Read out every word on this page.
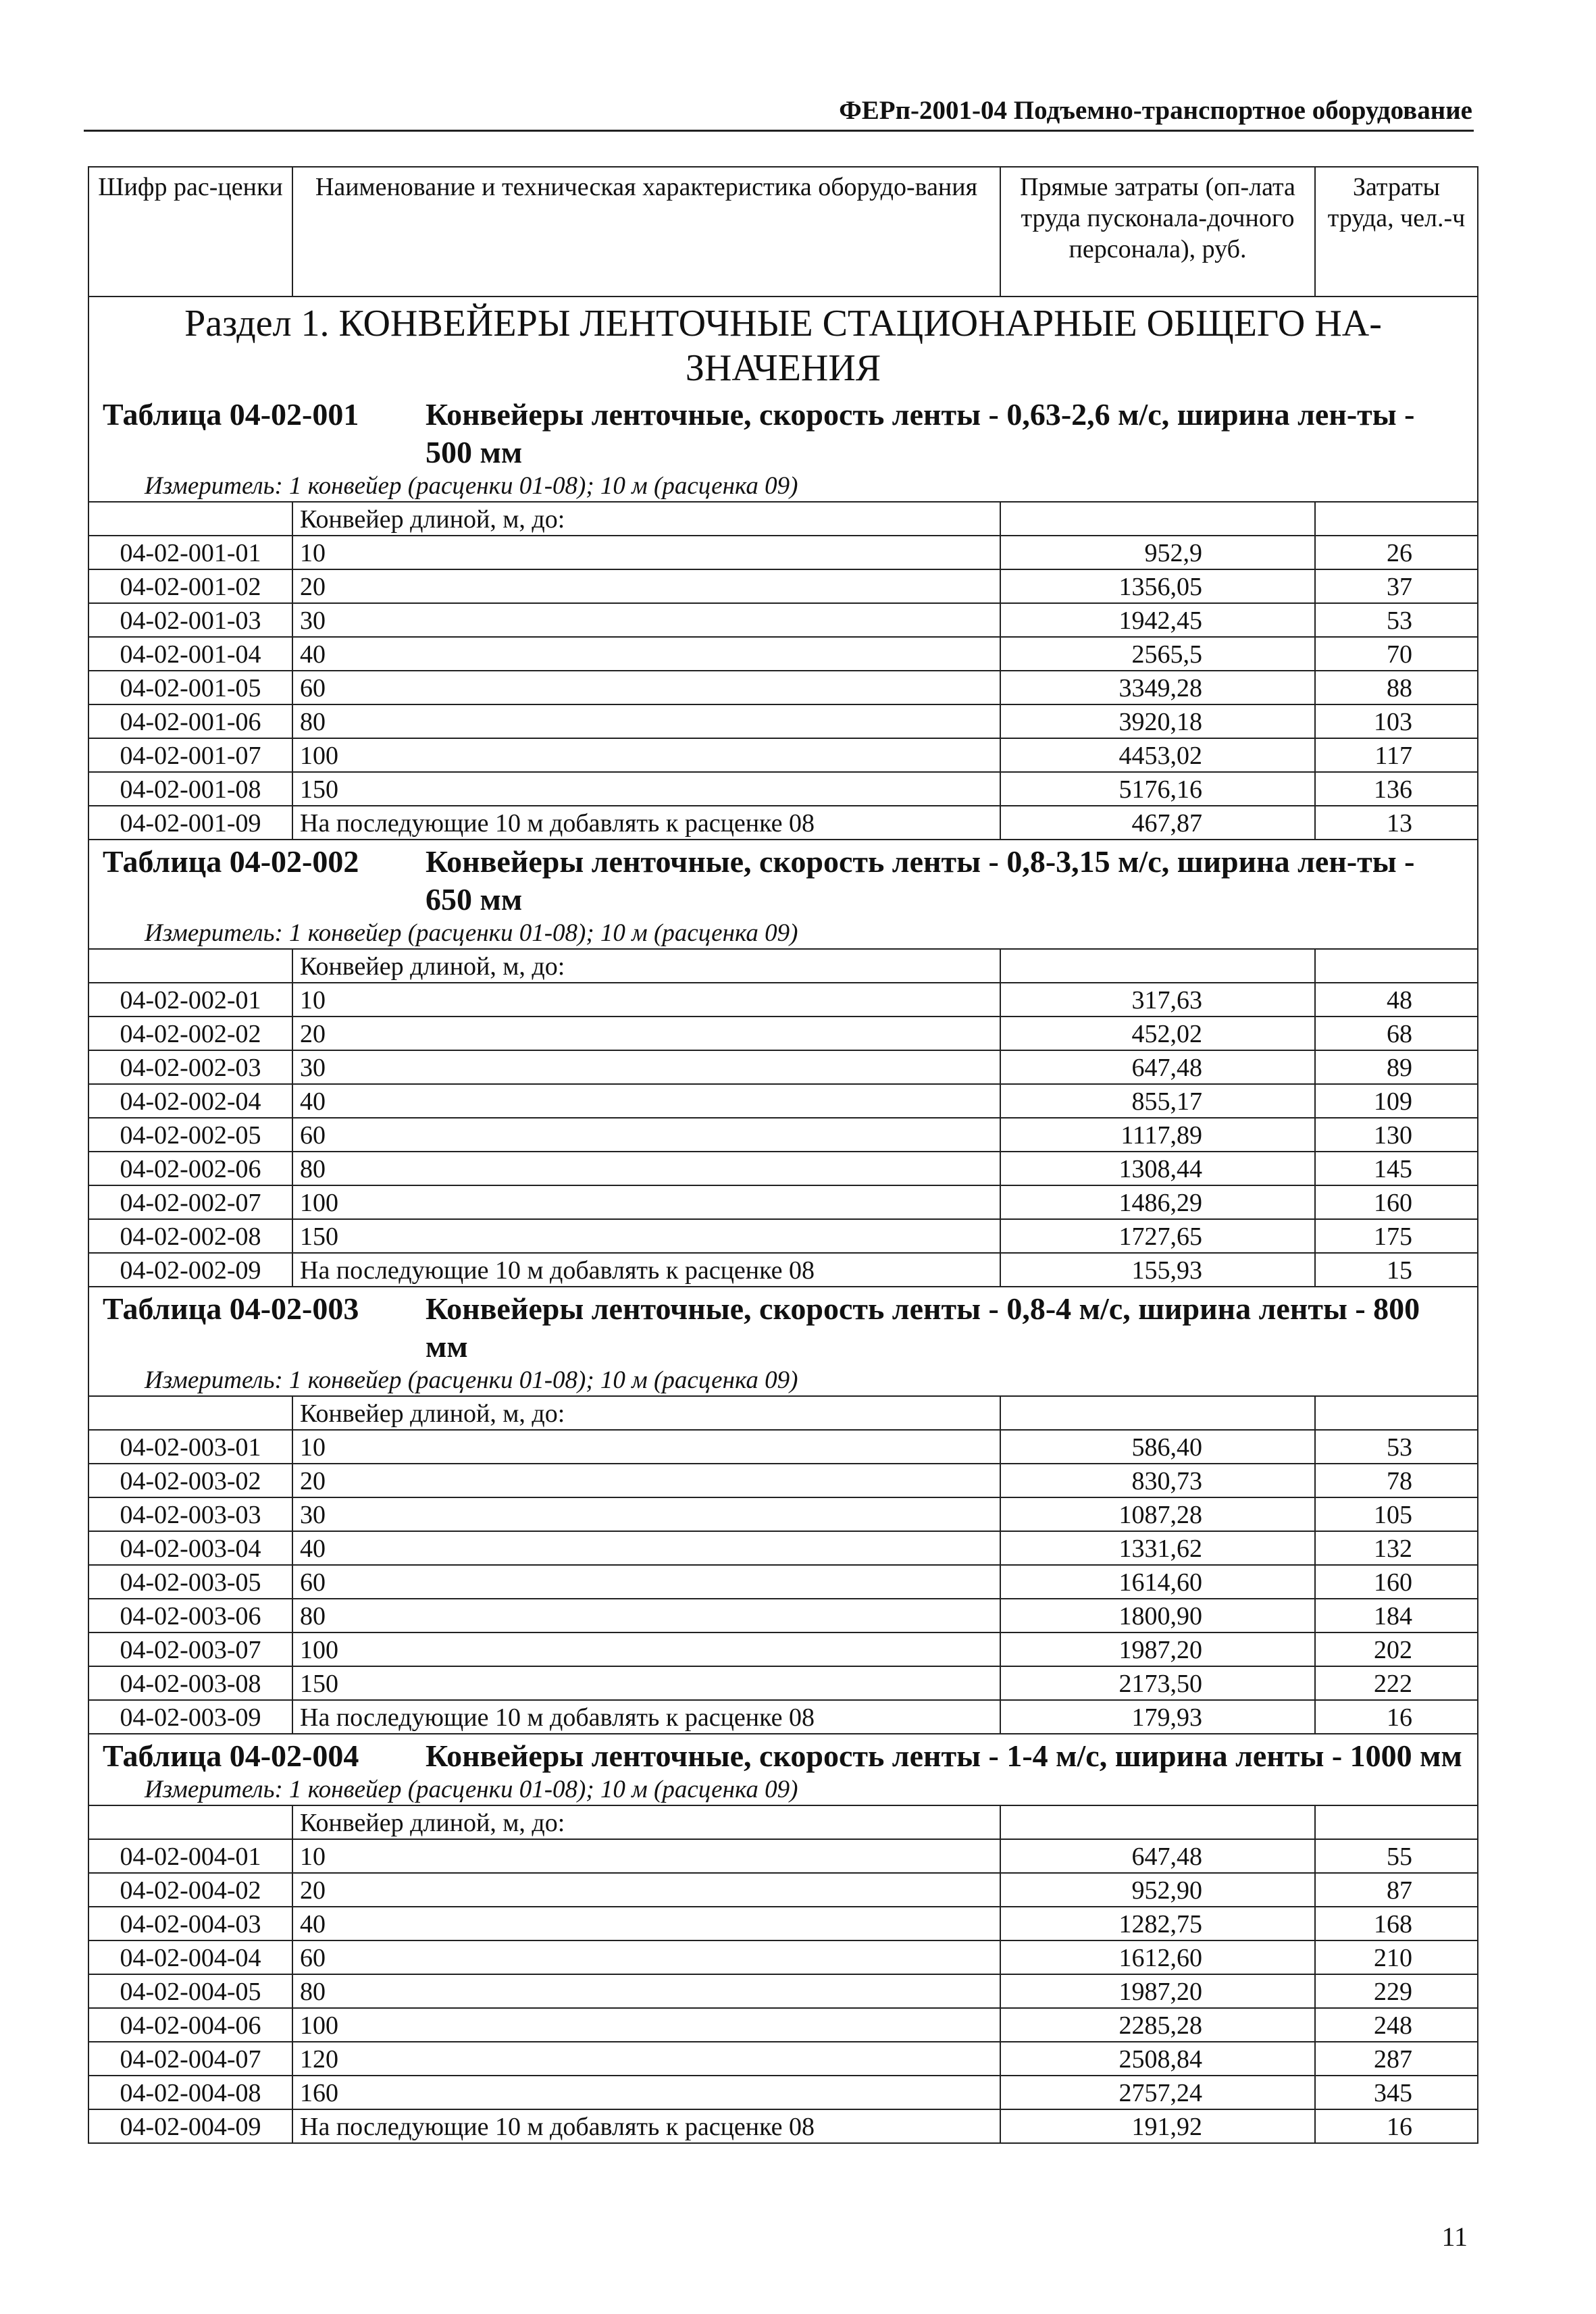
ФЕРп-2001-04 Подъемно-транспортное оборудование
Шифр рас-ценки	Наименование и техническая характеристика оборудо-вания	Прямые затраты (оп-лата труда пусконала-дочного персонала), руб.	Затраты труда, чел.-ч
Раздел 1. КОНВЕЙЕРЫ ЛЕНТОЧНЫЕ СТАЦИОНАРНЫЕ ОБЩЕГО НА-ЗНАЧЕНИЯ			

Таблица 04-02-001 Конвейеры ленточные, скорость ленты - 0,63-2,6 м/с, ширина лен-ты - 500 мм			

Измеритель: 1 конвейер (расценки 01-08); 10 м (расценка 09)			
	Конвейер длиной, м, до:		
04-02-001-01	10	952,9	26
04-02-001-02	20	1356,05	37
04-02-001-03	30	1942,45	53
04-02-001-04	40	2565,5	70
04-02-001-05	60	3349,28	88
04-02-001-06	80	3920,18	103
04-02-001-07	100	4453,02	117
04-02-001-08	150	5176,16	136
04-02-001-09	На последующие 10 м добавлять к расценке 08	467,87	13

Таблица 04-02-002 Конвейеры ленточные, скорость ленты - 0,8-3,15 м/с, ширина лен-ты - 650 мм			

Измеритель: 1 конвейер (расценки 01-08); 10 м (расценка 09)			
	Конвейер длиной, м, до:		
04-02-002-01	10	317,63	48
04-02-002-02	20	452,02	68
04-02-002-03	30	647,48	89
04-02-002-04	40	855,17	109
04-02-002-05	60	1117,89	130
04-02-002-06	80	1308,44	145
04-02-002-07	100	1486,29	160
04-02-002-08	150	1727,65	175
04-02-002-09	На последующие 10 м добавлять к расценке 08	155,93	15

Таблица 04-02-003 Конвейеры ленточные, скорость ленты - 0,8-4 м/с, ширина ленты - 800 мм			

Измеритель: 1 конвейер (расценки 01-08); 10 м (расценка 09)			
	Конвейер длиной, м, до:		
04-02-003-01	10	586,40	53
04-02-003-02	20	830,73	78
04-02-003-03	30	1087,28	105
04-02-003-04	40	1331,62	132
04-02-003-05	60	1614,60	160
04-02-003-06	80	1800,90	184
04-02-003-07	100	1987,20	202
04-02-003-08	150	2173,50	222
04-02-003-09	На последующие 10 м добавлять к расценке 08	179,93	16

Таблица 04-02-004 Конвейеры ленточные, скорость ленты - 1-4 м/с, ширина ленты - 1000 мм			

Измеритель: 1 конвейер (расценки 01-08); 10 м (расценка 09)			
	Конвейер длиной, м, до:		
04-02-004-01	10	647,48	55
04-02-004-02	20	952,90	87
04-02-004-03	40	1282,75	168
04-02-004-04	60	1612,60	210
04-02-004-05	80	1987,20	229
04-02-004-06	100	2285,28	248
04-02-004-07	120	2508,84	287
04-02-004-08	160	2757,24	345
04-02-004-09	На последующие 10 м добавлять к расценке 08	191,92	16
11
